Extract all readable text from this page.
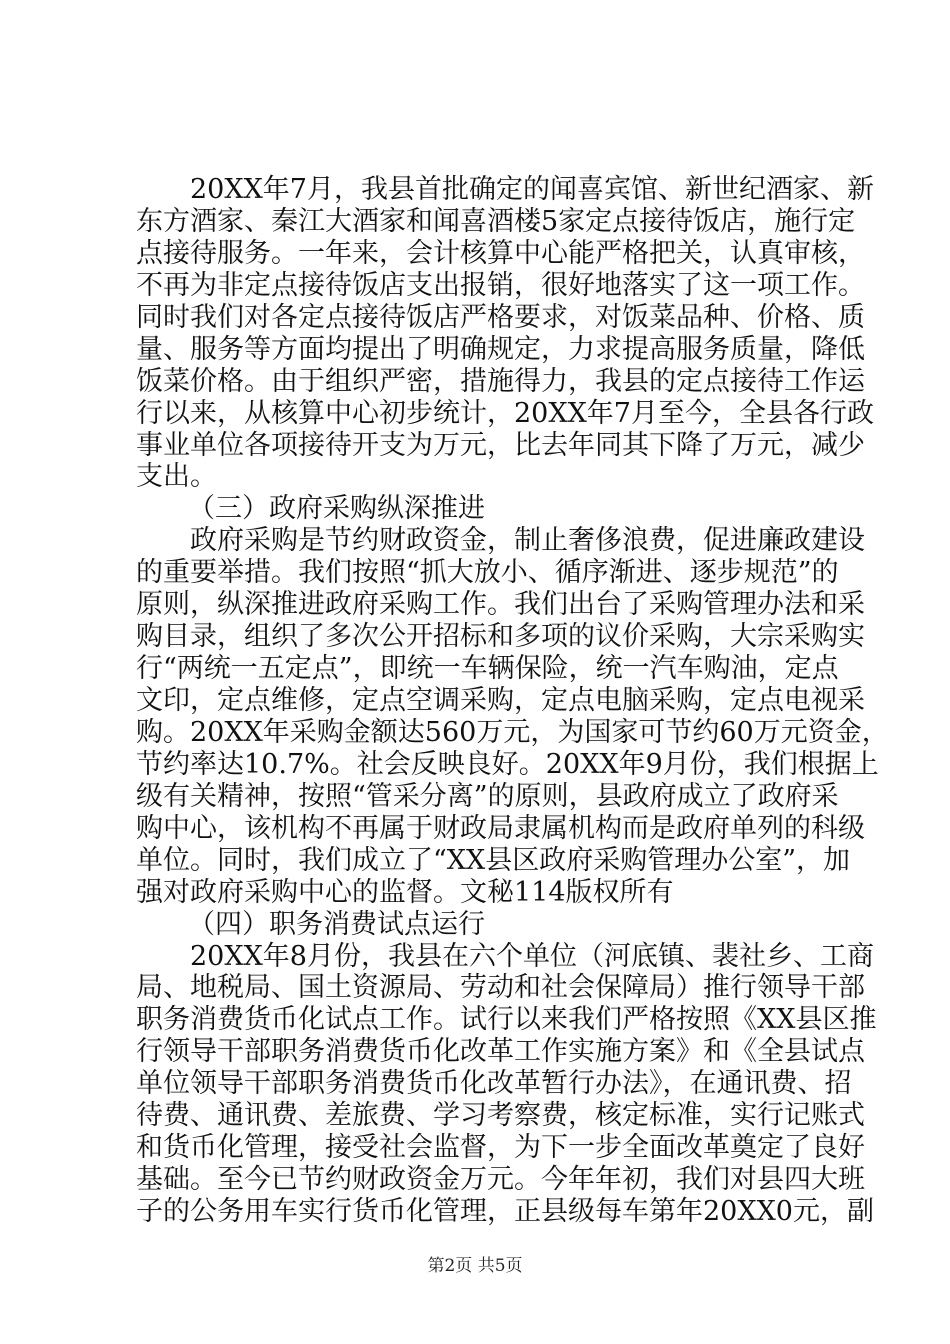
　　20XX年7月，我县首批确定的闻喜宾馆、新世纪酒家、新
东方酒家、秦江大酒家和闻喜酒楼5家定点接待饭店，施行定
点接待服务。一年来，会计核算中心能严格把关，认真审核，
不再为非定点接待饭店支出报销，很好地落实了这一项工作。
同时我们对各定点接待饭店严格要求，对饭菜品种、价格、质
量、服务等方面均提出了明确规定，力求提高服务质量，降低
饭菜价格。由于组织严密，措施得力，我县的定点接待工作运
行以来，从核算中心初步统计，20XX年7月至今，全县各行政
事业单位各项接待开支为万元，比去年同其下降了万元，减少
支出。
（三）政府采购纵深推进
　　政府采购是节约财政资金，制止奢侈浪费，促进廉政建设
的重要举措。我们按照“抓大放小、循序渐进、逐步规范”的
原则，纵深推进政府采购工作。我们出台了采购管理办法和采
购目录，组织了多次公开招标和多项的议价采购，大宗采购实
行“两统一五定点”，即统一车辆保险，统一汽车购油，定点
文印，定点维修，定点空调采购，定点电脑采购，定点电视采
购。20XX年采购金额达560万元，为国家可节约60万元资金，
节约率达10.7%。社会反映良好。20XX年9月份，我们根据上
级有关精神，按照“管采分离”的原则，县政府成立了政府采
购中心，该机构不再属于财政局隶属机构而是政府单列的科级
单位。同时，我们成立了“XX县区政府采购管理办公室”，加
强对政府采购中心的监督。文秘114版权所有
（四）职务消费试点运行
　　20XX年8月份，我县在六个单位（河底镇、裴社乡、工商
局、地税局、国土资源局、劳动和社会保障局）推行领导干部
职务消费货币化试点工作。试行以来我们严格按照《XX县区推
行领导干部职务消费货币化改革工作实施方案》和《全县试点
单位领导干部职务消费货币化改革暂行办法》，在通讯费、招
待费、通讯费、差旅费、学习考察费，核定标准，实行记账式
和货币化管理，接受社会监督，为下一步全面改革奠定了良好
基础。至今已节约财政资金万元。今年年初，我们对县四大班
子的公务用车实行货币化管理，正县级每车第年20XX0元，副
第2页 共5页
